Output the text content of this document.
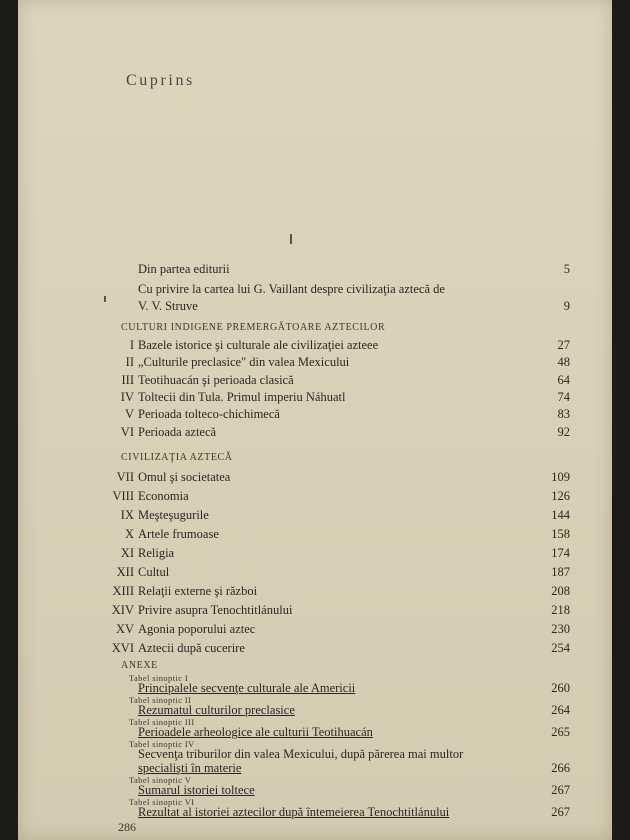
Cuprins
Din partea editurii	5
Cu privire la cartea lui G. Vaillant despre civilizaţia aztecă de
V. V. Struve	9
CULTURI INDIGENE PREMERGĂTOARE AZTECILOR
I Bazele istorice şi culturale ale civilizaţiei azteee	27
II „Culturile preclasice" din valea Mexicului	48
III Teotihuacán şi perioada clasică	64
IV Toltecii din Tula. Primul imperiu Náhuatl	74
V Perioada tolteco-chichimecă	83
VI Perioada aztecă	92
CIVILIZAŢIA AZTECĂ
VII Omul şi societatea	109
VIII Economia	126
IX Meşteşugurile	144
X Artele frumoase	158
XI Religia	174
XII Cultul	187
XIII Relaţii externe şi război	208
XIV Privire asupra Tenochtitlánului	218
XV Agonia poporului aztec	230
XVI Aztecii după cucerire	254
ANEXE
Tabel sinoptic I
Principalele secvenţe culturale ale Americii	260
Tabel sinoptic II
Rezumatul culturilor preclasice	264
Tabel sinoptic III
Perioadele arheologice ale culturii Teotihuacán	265
Tabel sinoptic IV
Secvenţa triburilor din valea Mexicului, după părerea mai multor
specialişti în materie	266
Tabel sinoptic V
Sumarul istoriei toltece	267
Tabel sinoptic VI
Rezultat al istoriei aztecilor după întemeierea Tenochtitlánului	267
286
